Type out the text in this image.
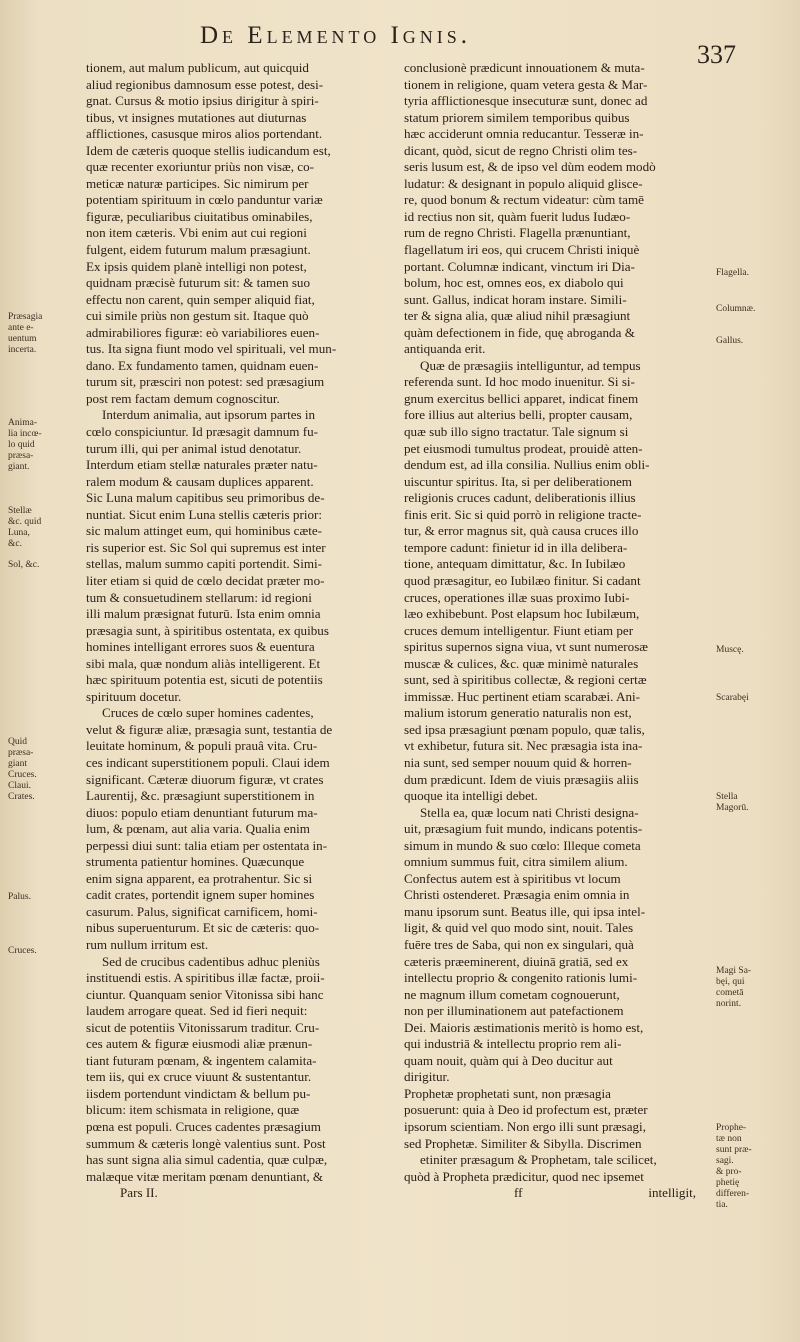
De Elemento Ignis.
337
tionem, aut malum publicum, aut quicquid
aliud regionibus damnosum esse potest, desi-
gnat. Cursus & motio ipsius dirigitur à spiri-
tibus, vt insignes mutationes aut diuturnas
afflictiones, casusque miros alios portendant.
Idem de cæteris quoque stellis iudicandum est,
quæ recenter exoriuntur priùs non visæ, co-
meticæ naturæ participes. Sic nimirum per
potentiam spirituum in cœlo panduntur variæ
figuræ, peculiaribus ciuitatibus ominabiles,
non item cæteris. Vbi enim aut cui regioni
fulgent, eidem futurum malum præsagiunt.
Ex ipsis quidem planè intelligi non potest,
quidnam præcisè futurum sit: & tamen suo
effectu non carent, quin semper aliquid fiat,
cui simile priùs non gestum sit. Itaque quò
admirabiliores figuræ: eò variabiliores euen-
tus. Ita signa fiunt modo vel spirituali, vel mun-
dano. Ex fundamento tamen, quidnam euen-
turum sit, præsciri non potest: sed præsagium
post rem factam demum cognoscitur.
Interdum animalia, aut ipsorum partes in
cœlo conspiciuntur. Id præsagit damnum fu-
turum illi, qui per animal istud denotatur.
Interdum etiam stellæ naturales præter natu-
ralem modum & causam duplices apparent.
Sic Luna malum capitibus seu primoribus de-
nuntiat. Sicut enim Luna stellis cæteris prior:
sic malum attinget eum, qui hominibus cæte-
ris superior est. Sic Sol qui supremus est inter
stellas, malum summo capiti portendit. Simi-
liter etiam si quid de cœlo decidat præter mo-
tum & consuetudinem stellarum: id regioni
illi malum præsignat futurū. Ista enim omnia
præsagia sunt, à spiritibus ostentata, ex quibus
homines intelligant errores suos & euentura
sibi mala, quæ nondum aliàs intelligerent. Et
hæc spirituum potentia est, sicuti de potentiis
spirituum docetur.
Cruces de cœlo super homines cadentes,
velut & figuræ aliæ, præsagia sunt, testantia de
leuitate hominum, & populi prauâ vita. Cru-
ces indicant superstitionem populi. Claui idem
significant. Cæteræ diuorum figuræ, vt crates
Laurentij, &c. præsagiunt superstitionem in
diuos: populo etiam denuntiant futurum ma-
lum, & pœnam, aut alia varia. Qualia enim
perpessi diui sunt: talia etiam per ostentata in-
strumenta patientur homines. Quæcunque
enim signa apparent, ea protrahentur. Sic si
cadit crates, portendit ignem super homines
casurum. Palus, significat carnificem, homi-
nibus superuenturum. Et sic de cæteris: quo-
rum nullum irritum est.
Sed de crucibus cadentibus adhuc pleniùs
instituendi estis. A spiritibus illæ factæ, proii-
ciuntur. Quanquam senior Vitonissa sibi hanc
laudem arrogare queat. Sed id fieri nequit:
sicut de potentiis Vitonissarum traditur. Cru-
ces autem & figuræ eiusmodi aliæ prænun-
tiant futuram pœnam, & ingentem calamita-
tem iis, qui ex cruce viuunt & sustentantur.
iisdem portendunt vindictam & bellum pu-
blicum: item schismata in religione, quæ
pœna est populi. Cruces cadentes præsagium
summum & cæteris longè valentius sunt. Post
has sunt signa alia simul cadentia, quæ culpæ,
malæque vitæ meritam pœnam denuntiant, &
Pars II.
conclusionè prædicunt innouationem & muta-
tionem in religione, quam vetera gesta & Mar-
tyria afflictionesque insecuturæ sunt, donec ad
statum priorem similem temporibus quibus
hæc acciderunt omnia reducantur. Tesseræ in-
dicant, quòd, sicut de regno Christi olim tes-
seris lusum est, & de ipso vel dùm eodem modò
ludatur: & designant in populo aliquid glisce-
re, quod bonum & rectum videatur: cùm tamē
id rectius non sit, quàm fuerit ludus Iudæo-
rum de regno Christi. Flagella prænuntiant,
flagellatum iri eos, qui crucem Christi iniquè
portant. Columnæ indicant, vinctum iri Dia-
bolum, hoc est, omnes eos, ex diabolo qui
sunt. Gallus, indicat horam instare. Simili-
ter & signa alia, quæ aliud nihil præsagiunt
quàm defectionem in fide, quę abroganda &
antiquanda erit.
Quæ de præsagiis intelliguntur, ad tempus
referenda sunt. Id hoc modo inuenitur. Si si-
gnum exercitus bellici apparet, indicat finem
fore illius aut alterius belli, propter causam,
quæ sub illo signo tractatur. Tale signum si
pet eiusmodi tumultus prodeat, prouidè atten-
dendum est, ad illa consilia. Nullius enim obli-
uiscuntur spiritus. Ita, si per deliberationem
religionis cruces cadunt, deliberationis illius
finis erit. Sic si quid porrò in religione tracte-
tur, & error magnus sit, quà causa cruces illo
tempore cadunt: finietur id in illa delibera-
tione, antequam dimittatur, &c. In Iubilæo
quod præsagitur, eo Iubilæo finitur. Si cadant
cruces, operationes illæ suas proximo Iubi-
læo exhibebunt. Post elapsum hoc Iubilæum,
cruces demum intelligentur. Fiunt etiam per
spiritus supernos signa viua, vt sunt numerosæ
muscæ & culices, &c. quæ minimè naturales
sunt, sed à spiritibus collectæ, & regioni certæ
immissæ. Huc pertinent etiam scarabæi. Ani-
malium istorum generatio naturalis non est,
sed ipsa præsagiunt pœnam populo, quæ talis,
vt exhibetur, futura sit. Nec præsagia ista ina-
nia sunt, sed semper nouum quid & horren-
dum prædicunt. Idem de viuis præsagiis aliis
quoque ita intelligi debet.
Stella ea, quæ locum nati Christi designa-
uit, præsagium fuit mundo, indicans potentis-
simum in mundo & suo cœlo: Illeque cometa
omnium summus fuit, citra similem alium.
Confectus autem est à spiritibus vt locum
Christi ostenderet. Præsagia enim omnia in
manu ipsorum sunt. Beatus ille, qui ipsa intel-
ligit, & quid vel quo modo sint, nouit. Tales
fuēre tres de Saba, qui non ex singulari, quà
cæteris præeminerent, diuinā gratiā, sed ex
intellectu proprio & congenito rationis lumi-
ne magnum illum cometam cognouerunt,
non per illuminationem aut patefactionem
Dei. Maioris æstimationis meritò is homo est,
qui industriā & intellectu proprio rem ali-
quam nouit, quàm qui à Deo ducitur aut
dirigitur.
Prophetæ prophetati sunt, non præsagia
posuerunt: quia à Deo id profectum est, præter
ipsorum scientiam. Non ergo illi sunt præsagi,
sed Prophetæ. Similiter & Sibylla. Discrimen
etiniter præsagum & Prophetam, tale scilicet,
quòd à Propheta prædicitur, quod nec ipsemet
ff	intelligit,
Præsagia
ante e-
uentum
incerta.
Anima-
lia incœ-
lo quid
præsa-
giant.
Stellæ
&c. quid
Luna,
&c.
Sol, &c.
Quid
præsa-
giant
Cruces.
Claui.
Crates.
Palus.
Cruces.
Flagella.
Columnæ.
Gallus.
Muscę.
Scarabęi
Stella
Magorū.
Magi Sa-
bęi, qui
cometā
norint.
Prophe-
tæ non
sunt præ-
sagi.
& pro-
phetię
differen-
tia.
